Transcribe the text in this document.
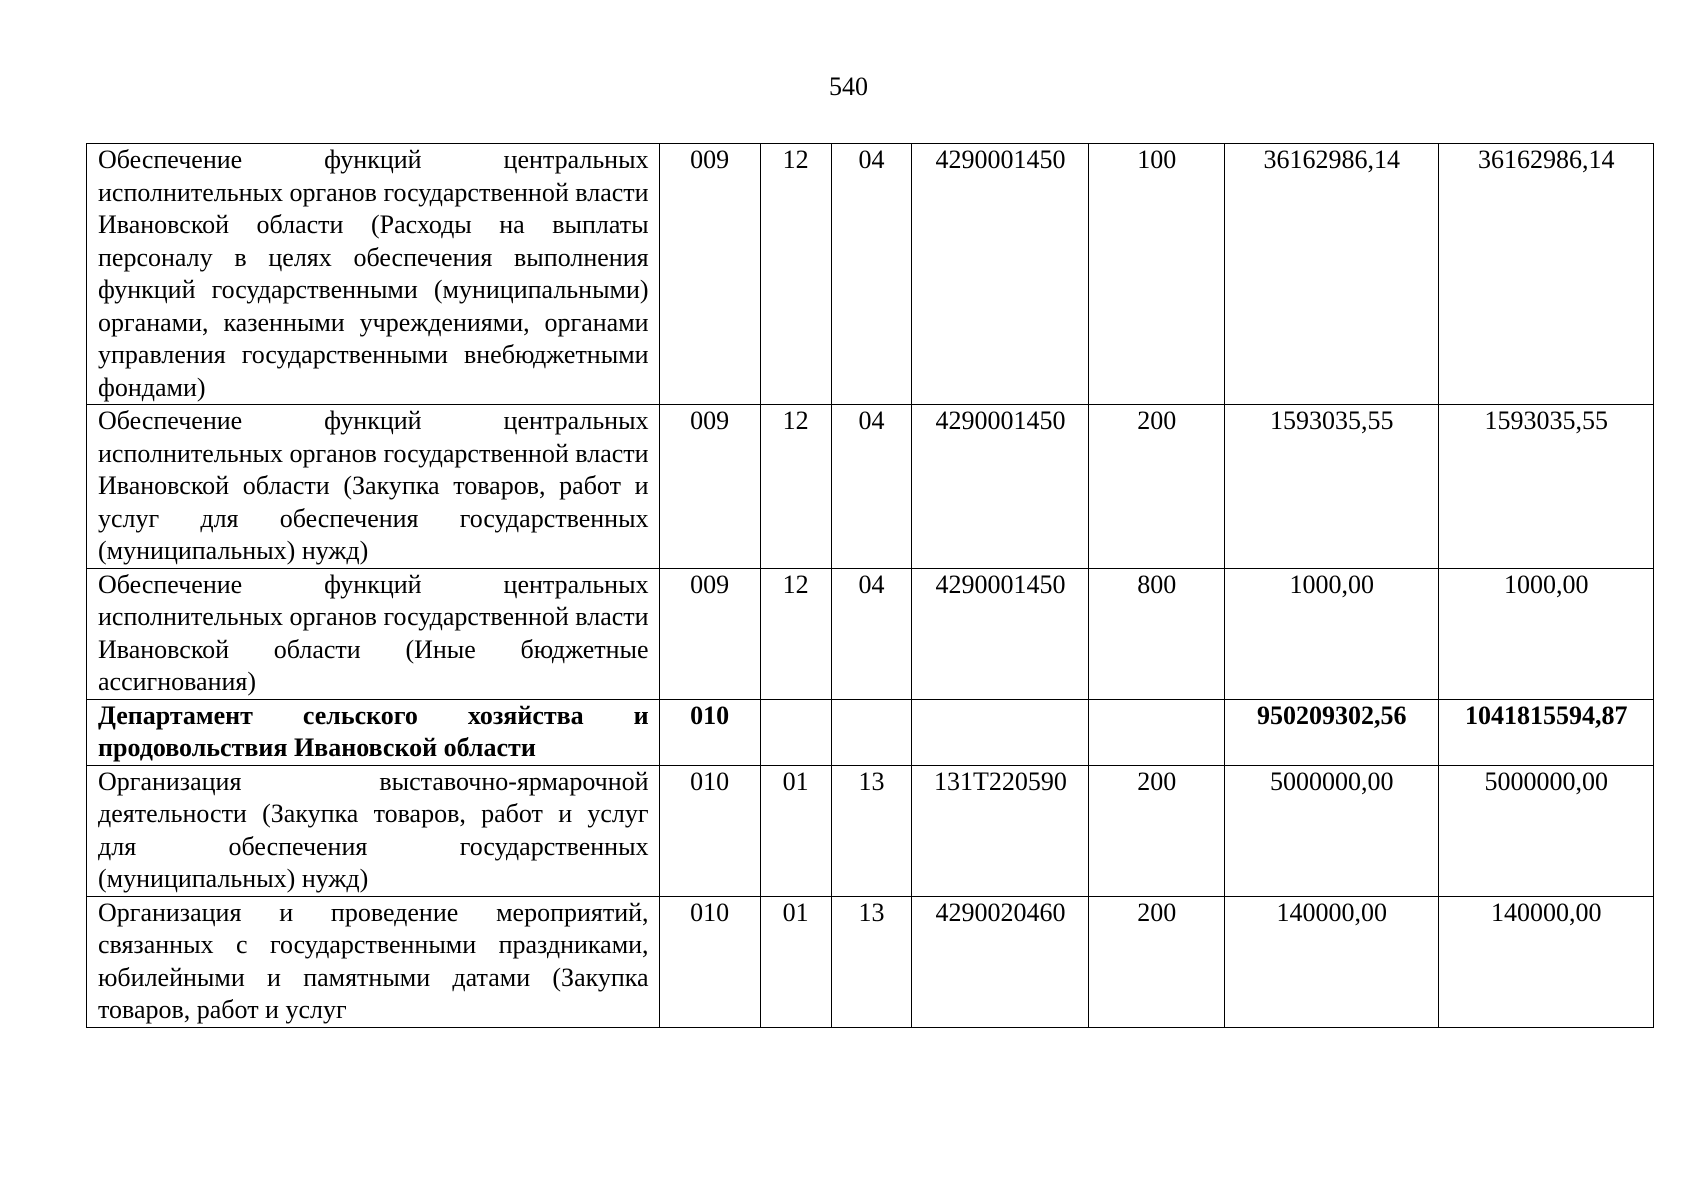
540
Обеспечение функций центральных исполнительных органов государственной власти Ивановской области (Расходы на выплаты персоналу в целях обеспечения выполнения функций государственными (муниципальными) органами, казенными учреждениями, органами управления государственными внебюджетными фондами)	009	12	04	4290001450	100	36162986,14	36162986,14
Обеспечение функций центральных исполнительных органов государственной власти Ивановской области (Закупка товаров, работ и услуг для обеспечения государственных (муниципальных) нужд)	009	12	04	4290001450	200	1593035,55	1593035,55
Обеспечение функций центральных исполнительных органов государственной власти Ивановской области (Иные бюджетные ассигнования)	009	12	04	4290001450	800	1000,00	1000,00
Департамент сельского хозяйства и продовольствия Ивановской области	010					950209302,56	1041815594,87
Организация выставочно-ярмарочной деятельности (Закупка товаров, работ и услуг для обеспечения государственных (муниципальных) нужд)	010	01	13	131Т220590	200	5000000,00	5000000,00
Организация и проведение мероприятий, связанных с государственными праздниками, юбилейными и памятными датами (Закупка товаров, работ и услуг	010	01	13	4290020460	200	140000,00	140000,00
